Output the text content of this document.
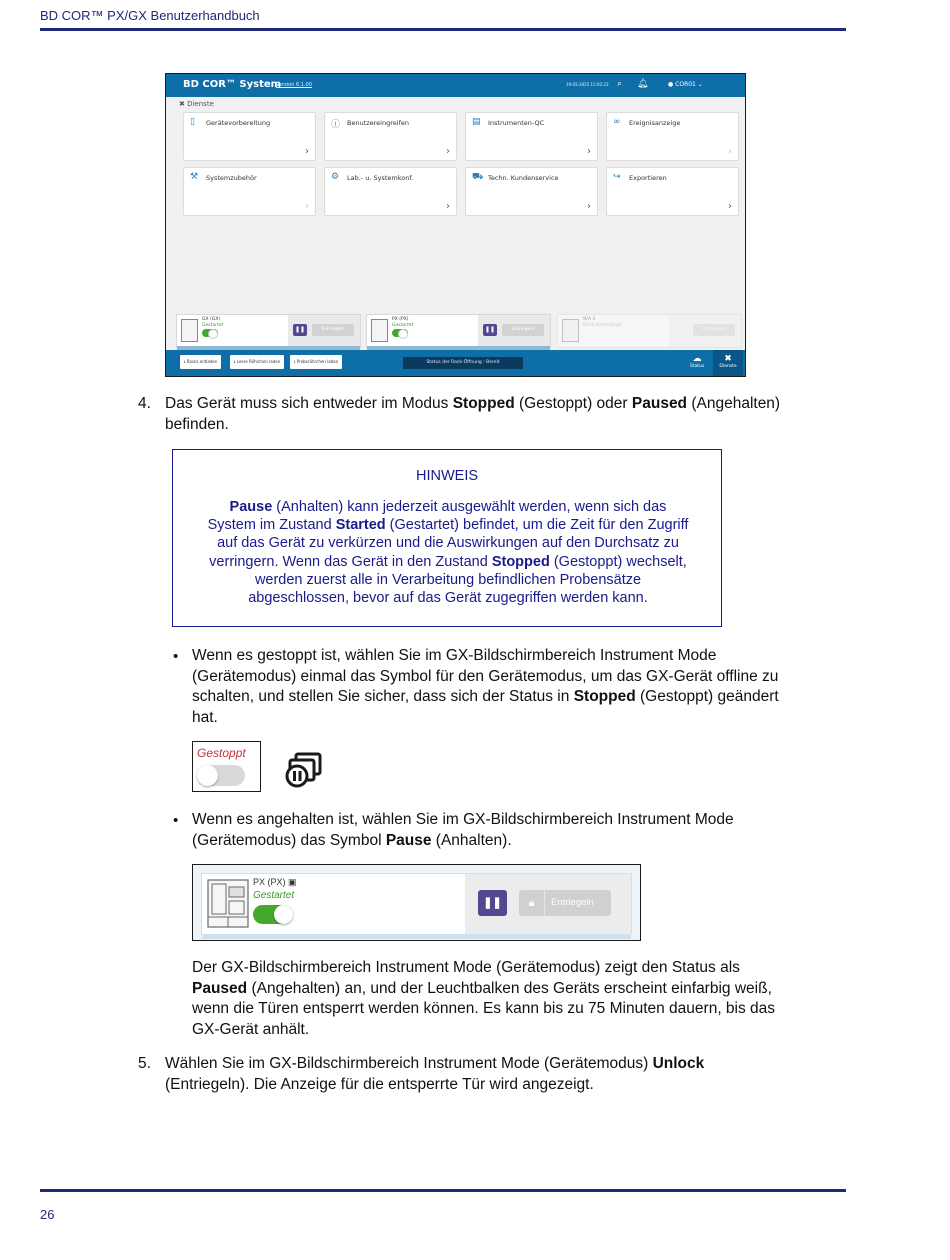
BD COR™ PX/GX Benutzerhandbuch
BD COR™ System
Version 6.1.00	19-05-2025 15:02:23 ⌕ 🔔︎	● COR01 ⌄
✖︎ Dienste
▯ Gerätevorbereitung
›
ⓘ Benutzereingreifen
›
▤ Instrumenten-QC
›
∞ Ereignisanzeige
›
⚒ Systemzubehör
›
⚙ Lab.- u. Systemkonf.
›
⛟ Techn. Kundenservice
›
↪ Exportieren
›
GX (GX)
Gestartet
❚❚	Entriegeln
PX (PX)
Gestartet
❚❚	Entriegeln
N/A 3
Nicht Beschäftigt
Entriegeln
⭳ Racks entladen	⭳ Leere Röhrchen laden	⭳ Proberöhrchen laden	Status der Rack-Öffnung : Bereit	☁︎
Status
✖︎
Dienste
4. Das Gerät muss sich entweder im Modus Stopped (Gestoppt) oder Paused (Angehalten)
befinden.
HINWEIS
Pause (Anhalten) kann jederzeit ausgewählt werden, wenn sich das
System im Zustand Started (Gestartet) befindet, um die Zeit für den Zugriff
auf das Gerät zu verkürzen und die Auswirkungen auf den Durchsatz zu
verringern. Wenn das Gerät in den Zustand Stopped (Gestoppt) wechselt,
werden zuerst alle in Verarbeitung befindlichen Probensätze
abgeschlossen, bevor auf das Gerät zugegriffen werden kann.
• Wenn es gestoppt ist, wählen Sie im GX-Bildschirmbereich Instrument Mode
(Gerätemodus) einmal das Symbol für den Gerätemodus, um das GX-Gerät offline zu
schalten, und stellen Sie sicher, dass sich der Status in Stopped (Gestoppt) geändert
hat.
Gestoppt
• Wenn es angehalten ist, wählen Sie im GX-Bildschirmbereich Instrument Mode
(Gerätemodus) das Symbol Pause (Anhalten).
PX (PX) ▣
Gestartet
❚❚	🔒︎	Entriegeln
Der GX-Bildschirmbereich Instrument Mode (Gerätemodus) zeigt den Status als
Paused (Angehalten) an, und der Leuchtbalken des Geräts erscheint einfarbig weiß,
wenn die Türen entsperrt werden können. Es kann bis zu 75 Minuten dauern, bis das
GX-Gerät anhält.
5. Wählen Sie im GX-Bildschirmbereich Instrument Mode (Gerätemodus) Unlock
(Entriegeln). Die Anzeige für die entsperrte Tür wird angezeigt.
26
